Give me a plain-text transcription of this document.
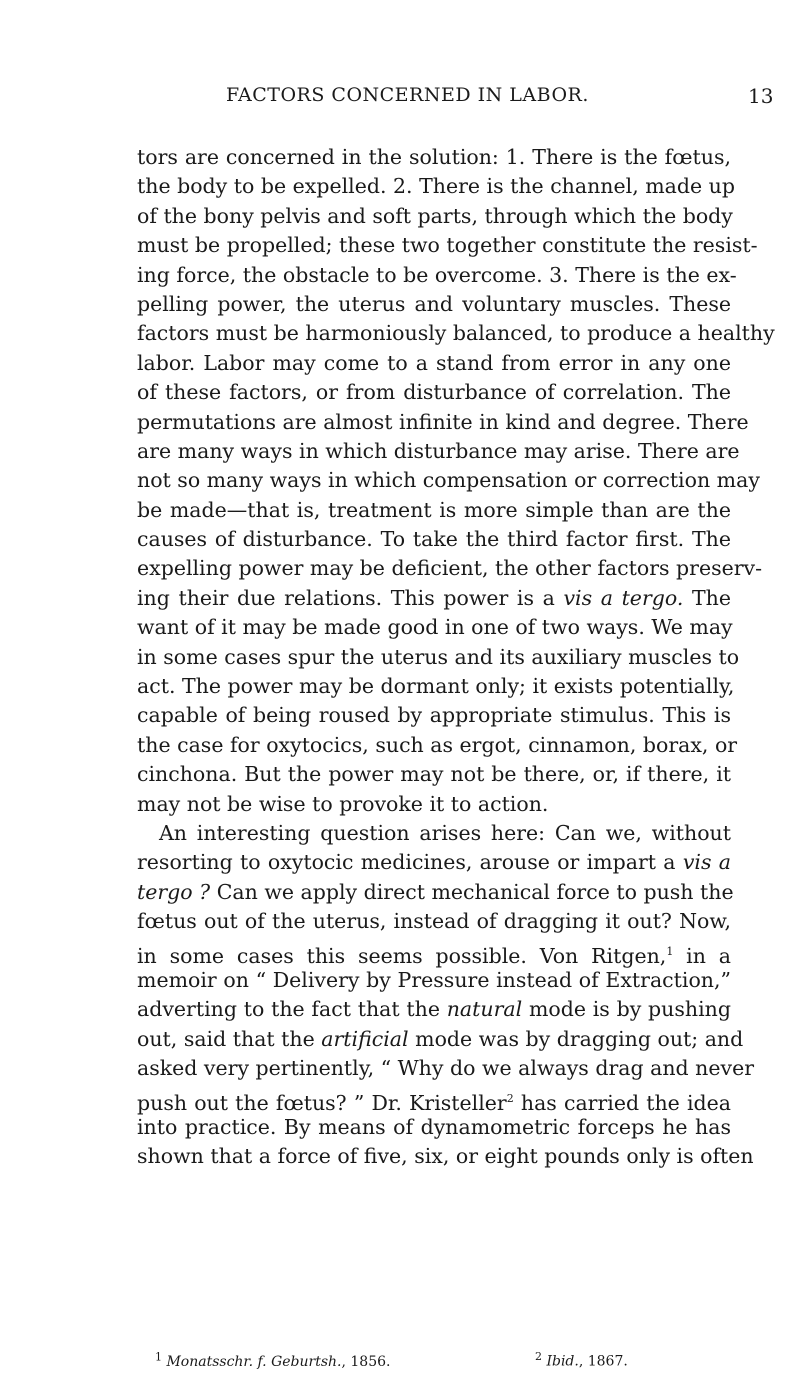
FACTORS CONCERNED IN LABOR.	13
tors are concerned in the solution: 1. There is the fœtus,
the body to be expelled. 2. There is the channel, made up
of the bony pelvis and soft parts, through which the body
must be propelled; these two together constitute the resist-
ing force, the obstacle to be overcome. 3. There is the ex-
pelling power, the uterus and voluntary muscles. These
factors must be harmoniously balanced, to produce a healthy
labor. Labor may come to a stand from error in any one
of these factors, or from disturbance of correlation. The
permutations are almost infinite in kind and degree. There
are many ways in which disturbance may arise. There are
not so many ways in which compensation or correction may
be made—that is, treatment is more simple than are the
causes of disturbance. To take the third factor first. The
expelling power may be deficient, the other factors preserv-
ing their due relations. This power is a vis a tergo. The
want of it may be made good in one of two ways. We may
in some cases spur the uterus and its auxiliary muscles to
act. The power may be dormant only; it exists potentially,
capable of being roused by appropriate stimulus. This is
the case for oxytocics, such as ergot, cinnamon, borax, or
cinchona. But the power may not be there, or, if there, it
may not be wise to provoke it to action.
An interesting question arises here: Can we, without
resorting to oxytocic medicines, arouse or impart a vis a
tergo ? Can we apply direct mechanical force to push the
fœtus out of the uterus, instead of dragging it out? Now,
in some cases this seems possible. Von Ritgen,$^1$ in a
memoir on “ Delivery by Pressure instead of Extraction,”
adverting to the fact that the natural mode is by pushing
out, said that the artificial mode was by dragging out; and
asked very pertinently, “ Why do we always drag and never
push out the fœtus? ” Dr. Kristeller$^2$ has carried the idea
into practice. By means of dynamometric forceps he has
shown that a force of five, six, or eight pounds only is often
$^1$ Monatsschr. f. Geburtsh., 1856.	$^2$ Ibid., 1867.
